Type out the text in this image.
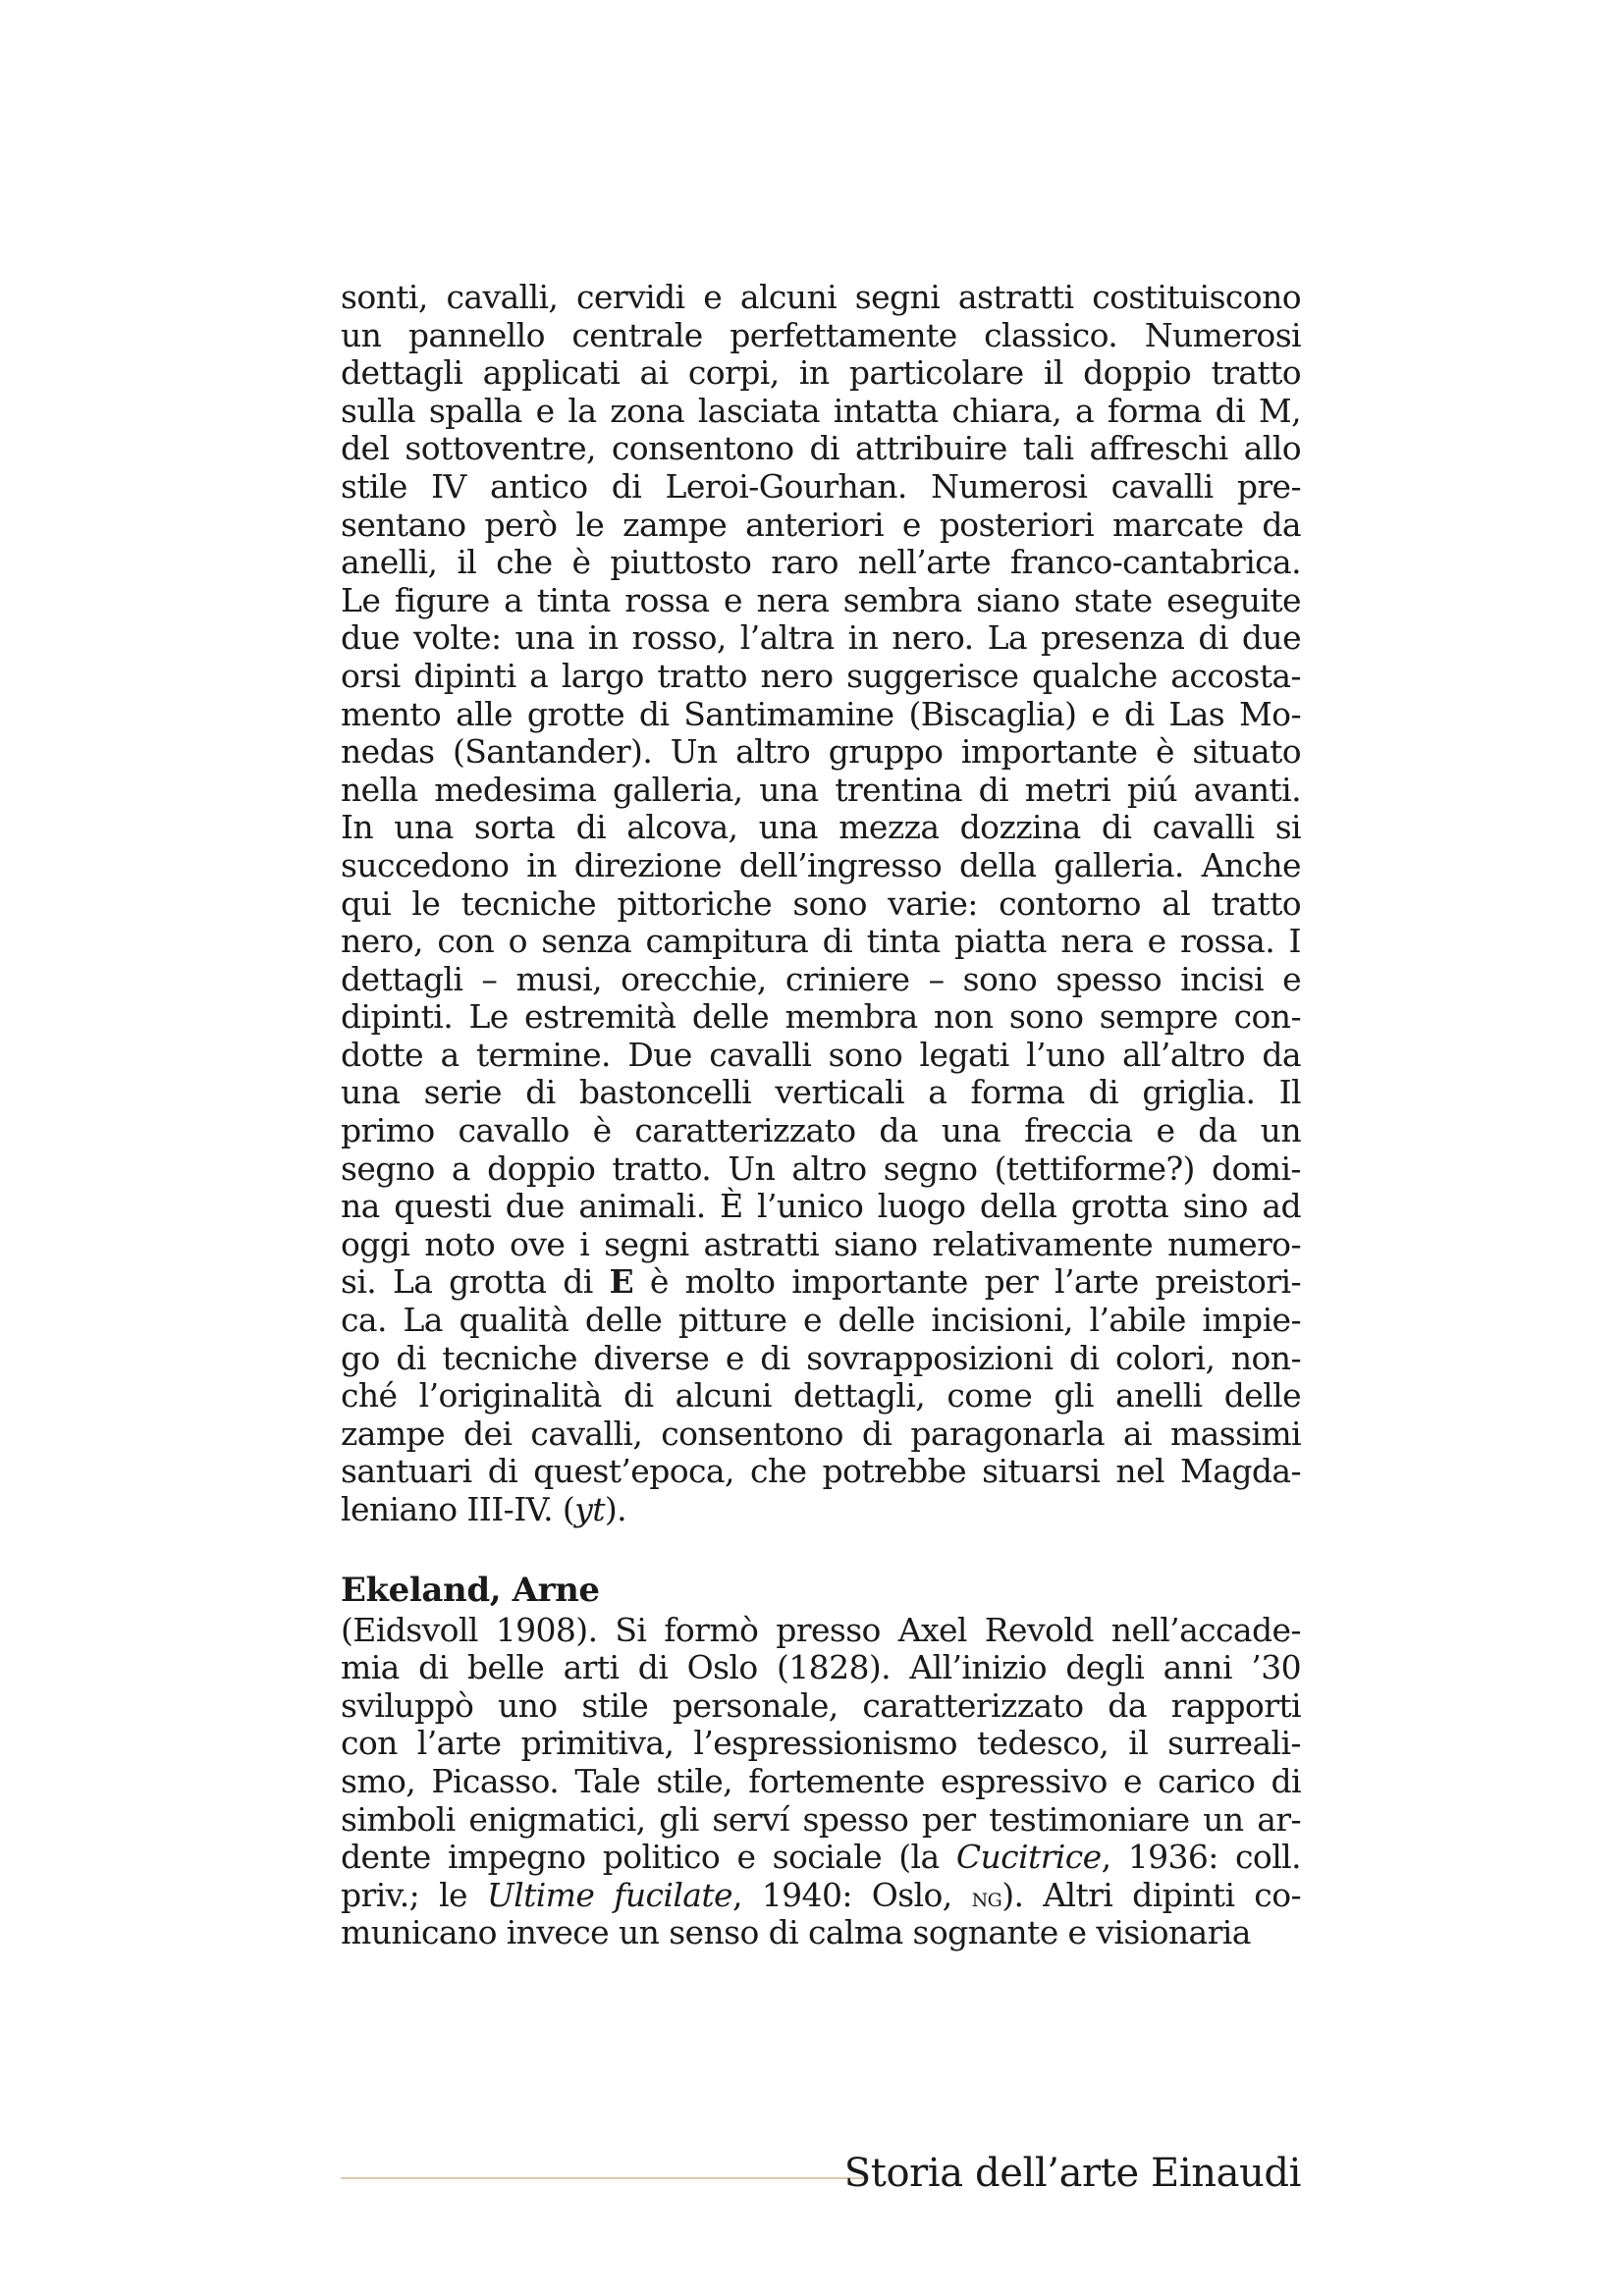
sonti, cavalli, cervidi e alcuni segni astratti costituiscono
un pannello centrale perfettamente classico. Numerosi
dettagli applicati ai corpi, in particolare il doppio tratto
sulla spalla e la zona lasciata intatta chiara, a forma di M,
del sottoventre, consentono di attribuire tali affreschi allo
stile IV antico di Leroi-Gourhan. Numerosi cavalli pre-
sentano però le zampe anteriori e posteriori marcate da
anelli, il che è piuttosto raro nell’arte franco-cantabrica.
Le figure a tinta rossa e nera sembra siano state eseguite
due volte: una in rosso, l’altra in nero. La presenza di due
orsi dipinti a largo tratto nero suggerisce qualche accosta-
mento alle grotte di Santimamine (Biscaglia) e di Las Mo-
nedas (Santander). Un altro gruppo importante è situato
nella medesima galleria, una trentina di metri piú avanti.
In una sorta di alcova, una mezza dozzina di cavalli si
succedono in direzione dell’ingresso della galleria. Anche
qui le tecniche pittoriche sono varie: contorno al tratto
nero, con o senza campitura di tinta piatta nera e rossa. I
dettagli – musi, orecchie, criniere – sono spesso incisi e
dipinti. Le estremità delle membra non sono sempre con-
dotte a termine. Due cavalli sono legati l’uno all’altro da
una serie di bastoncelli verticali a forma di griglia. Il
primo cavallo è caratterizzato da una freccia e da un
segno a doppio tratto. Un altro segno (tettiforme?) domi-
na questi due animali. È l’unico luogo della grotta sino ad
oggi noto ove i segni astratti siano relativamente numero-
si. La grotta di E è molto importante per l’arte preistori-
ca. La qualità delle pitture e delle incisioni, l’abile impie-
go di tecniche diverse e di sovrapposizioni di colori, non-
ché l’originalità di alcuni dettagli, come gli anelli delle
zampe dei cavalli, consentono di paragonarla ai massimi
santuari di quest’epoca, che potrebbe situarsi nel Magda-
leniano III-IV. (yt).
Ekeland, Arne
(Eidsvoll 1908). Si formò presso Axel Revold nell’accade-
mia di belle arti di Oslo (1828). All’inizio degli anni ’30
sviluppò uno stile personale, caratterizzato da rapporti
con l’arte primitiva, l’espressionismo tedesco, il surreali-
smo, Picasso. Tale stile, fortemente espressivo e carico di
simboli enigmatici, gli serví spesso per testimoniare un ar-
dente impegno politico e sociale (la Cucitrice, 1936: coll.
priv.; le Ultime fucilate, 1940: Oslo, ng). Altri dipinti co-
municano invece un senso di calma sognante e visionaria
Storia dell’arte Einaudi
